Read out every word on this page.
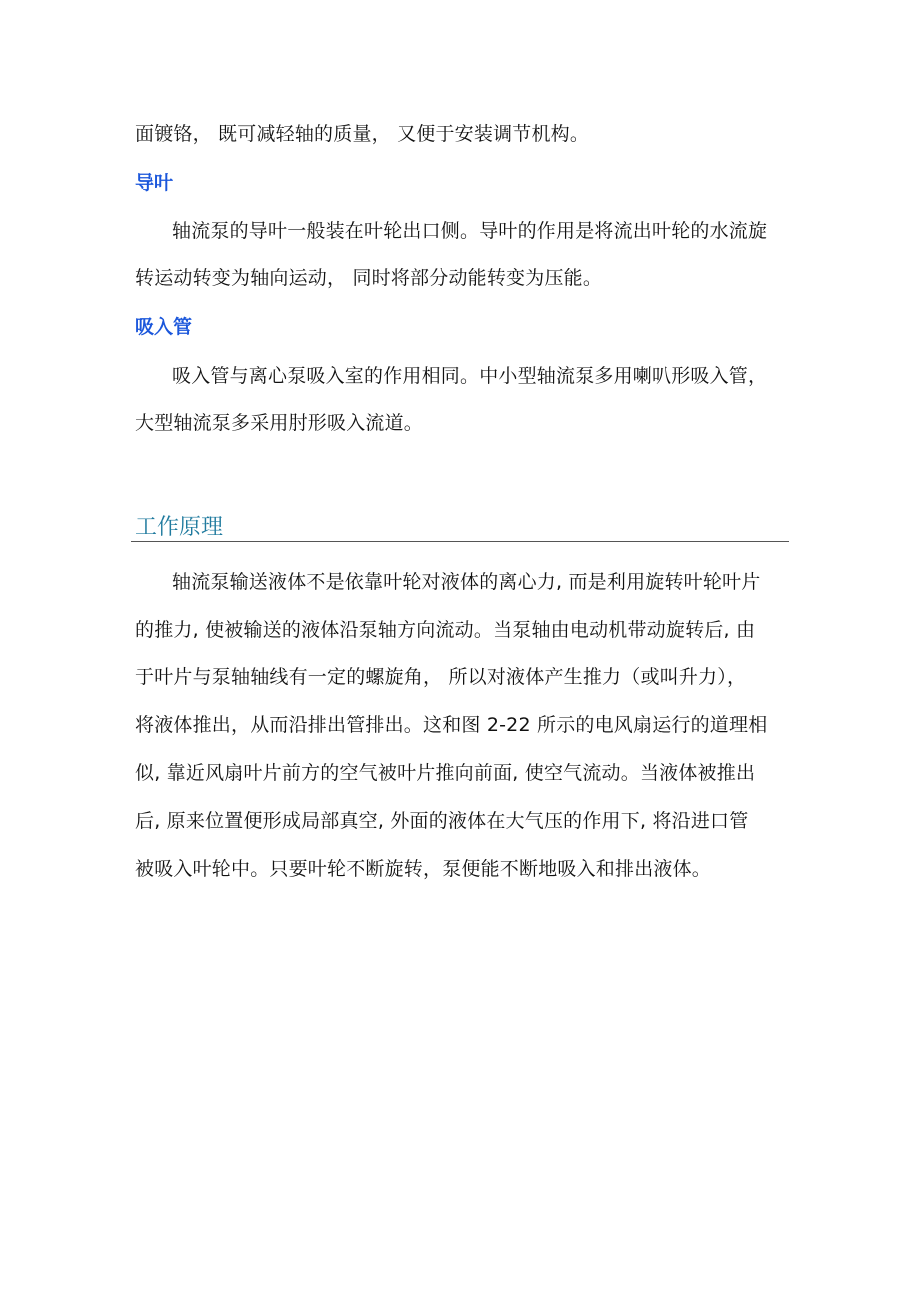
面镀铬， 既可减轻轴的质量， 又便于安装调节机构。
导叶
轴流泵的导叶一般装在叶轮出口侧。导叶的作用是将流出叶轮的水流旋
转运动转变为轴向运动， 同时将部分动能转变为压能。
吸入管
吸入管与离心泵吸入室的作用相同。中小型轴流泵多用喇叭形吸入管，
大型轴流泵多采用肘形吸入流道。
工作原理
轴流泵输送液体不是依靠叶轮对液体的离心力, 而是利用旋转叶轮叶片
的推力, 使被输送的液体沿泵轴方向流动。当泵轴由电动机带动旋转后, 由
于叶片与泵轴轴线有一定的螺旋角， 所以对液体产生推力（或叫升力），
将液体推出，从而沿排出管排出。这和图 2-22 所示的电风扇运行的道理相
似, 靠近风扇叶片前方的空气被叶片推向前面, 使空气流动。当液体被推出
后, 原来位置便形成局部真空, 外面的液体在大气压的作用下, 将沿进口管
被吸入叶轮中。只要叶轮不断旋转，泵便能不断地吸入和排出液体。
